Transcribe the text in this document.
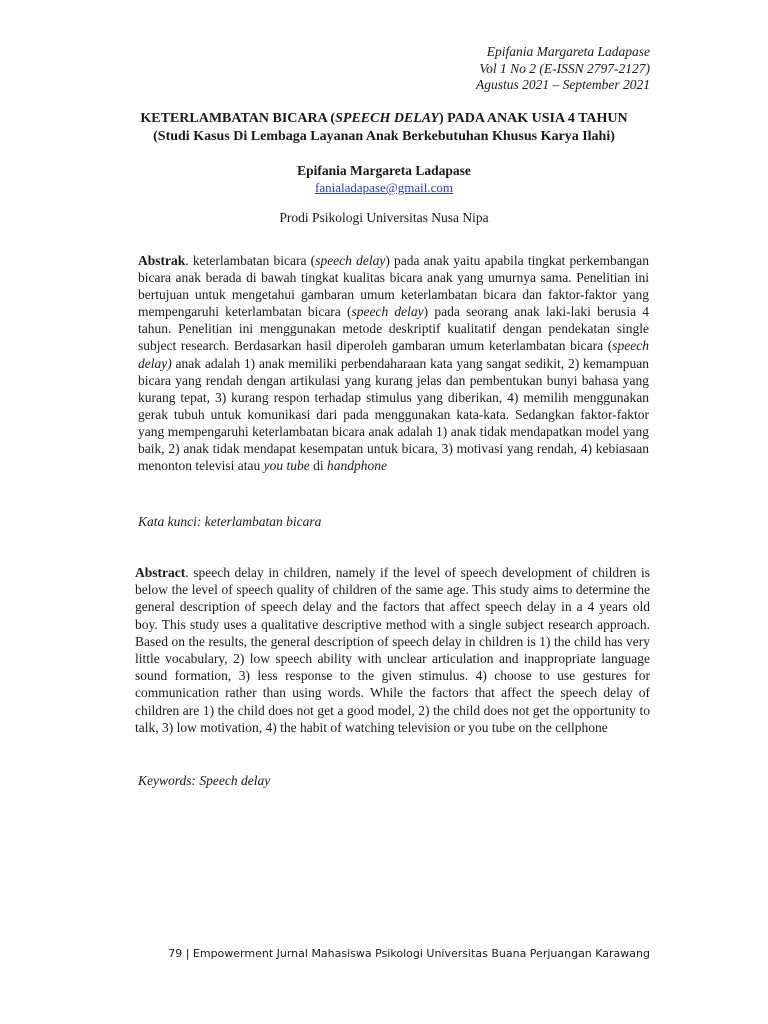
Epifania Margareta Ladapase
Vol 1 No 2 (E-ISSN 2797-2127)
Agustus 2021 – September 2021
KETERLAMBATAN BICARA (SPEECH DELAY) PADA ANAK USIA 4 TAHUN
(Studi Kasus Di Lembaga Layanan Anak Berkebutuhan Khusus Karya Ilahi)
Epifania Margareta Ladapase
fanialadapase@gmail.com
Prodi Psikologi Universitas Nusa Nipa
Abstrak. keterlambatan bicara (speech delay) pada anak yaitu apabila tingkat perkembangan bicara anak berada di bawah tingkat kualitas bicara anak yang umurnya sama. Penelitian ini bertujuan untuk mengetahui gambaran umum keterlambatan bicara dan faktor-faktor yang mempengaruhi keterlambatan bicara (speech delay) pada seorang anak laki-laki berusia 4 tahun. Penelitian ini menggunakan metode deskriptif kualitatif dengan pendekatan single subject research. Berdasarkan hasil diperoleh gambaran umum keterlambatan bicara (speech delay) anak adalah 1) anak memiliki perbendaharaan kata yang sangat sedikit, 2) kemampuan bicara yang rendah dengan artikulasi yang kurang jelas dan pembentukan bunyi bahasa yang kurang tepat, 3) kurang respon terhadap stimulus yang diberikan, 4) memilih menggunakan gerak tubuh untuk komunikasi dari pada menggunakan kata-kata. Sedangkan faktor-faktor yang mempengaruhi keterlambatan bicara anak adalah 1) anak tidak mendapatkan model yang baik, 2) anak tidak mendapat kesempatan untuk bicara, 3) motivasi yang rendah, 4) kebiasaan menonton televisi atau you tube di handphone
Kata kunci: keterlambatan bicara
Abstract. speech delay in children, namely if the level of speech development of children is below the level of speech quality of children of the same age. This study aims to determine the general description of speech delay and the factors that affect speech delay in a 4 years old boy. This study uses a qualitative descriptive method with a single subject research approach. Based on the results, the general description of speech delay in children is 1) the child has very little vocabulary, 2) low speech ability with unclear articulation and inappropriate language sound formation, 3) less response to the given stimulus. 4) choose to use gestures for communication rather than using words. While the factors that affect the speech delay of children are 1) the child does not get a good model, 2) the child does not get the opportunity to talk, 3) low motivation, 4) the habit of watching television or you tube on the cellphone
Keywords: Speech delay
79 | Empowerment Jurnal Mahasiswa Psikologi Universitas Buana Perjuangan Karawang
